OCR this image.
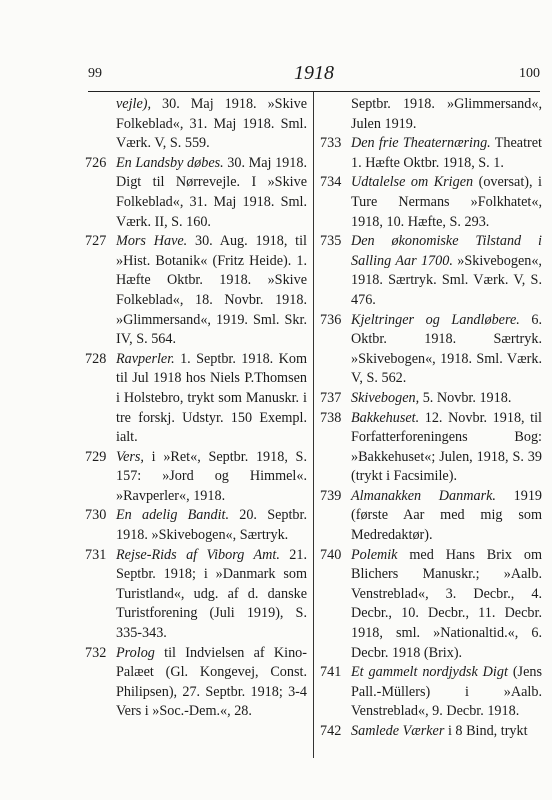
99	1918	100
vejle), 30. Maj 1918. »Skive Folkeblad«, 31. Maj 1918. Sml. Værk. V, S. 559.
726 En Landsby døbes. 30. Maj 1918. Digt til Nørrevejle. I »Skive Folkeblad«, 31. Maj 1918. Sml. Værk. II, S. 160.
727 Mors Have. 30. Aug. 1918, til »Hist. Botanik« (Fritz Heide). 1. Hæfte Oktbr. 1918. »Skive Folkeblad«, 18. Novbr. 1918. »Glimmersand«, 1919. Sml. Skr. IV, S. 564.
728 Ravperler. 1. Septbr. 1918. Kom til Jul 1918 hos Niels P.Thomsen i Holstebro, trykt som Manuskr. i tre forskj. Udstyr. 150 Exempl. ialt.
729 Vers, i »Ret«, Septbr. 1918, S. 157: »Jord og Himmel«. »Ravperler«, 1918.
730 En adelig Bandit. 20. Septbr. 1918. »Skivebogen«, Særtryk.
731 Rejse-Rids af Viborg Amt. 21. Septbr. 1918; i »Danmark som Turistland«, udg. af d. danske Turistforening (Juli 1919), S. 335-343.
732 Prolog til Indvielsen af Kino-Palæet (Gl. Kongevej, Const. Philipsen), 27. Septbr. 1918; 3-4 Vers i »Soc.-Dem.«, 28.
Septbr. 1918. »Glimmersand«, Julen 1919.
733 Den frie Theaternæring. Theatret 1. Hæfte Oktbr. 1918, S. 1.
734 Udtalelse om Krigen (oversat), i Ture Nermans »Folkhatet«, 1918, 10. Hæfte, S. 293.
735 Den økonomiske Tilstand i Salling Aar 1700. »Skivebogen«, 1918. Særtryk. Sml. Værk. V, S. 476.
736 Kjeltringer og Landløbere. 6. Oktbr. 1918. Særtryk. »Skivebogen«, 1918. Sml. Værk. V, S. 562.
737 Skivebogen, 5. Novbr. 1918.
738 Bakkehuset. 12. Novbr. 1918, til Forfatterforeningens Bog: »Bakkehuset«; Julen, 1918, S. 39 (trykt i Facsimile).
739 Almanakken Danmark. 1919 (første Aar med mig som Medredaktør).
740 Polemik med Hans Brix om Blichers Manuskr.; »Aalb. Venstreblad«, 3. Decbr., 4. Decbr., 10. Decbr., 11. Decbr. 1918, sml. »Nationaltid.«, 6. Decbr. 1918 (Brix).
741 Et gammelt nordjydsk Digt (Jens Pall.-Müllers) i »Aalb. Venstreblad«, 9. Decbr. 1918.
742 Samlede Værker i 8 Bind, trykt
